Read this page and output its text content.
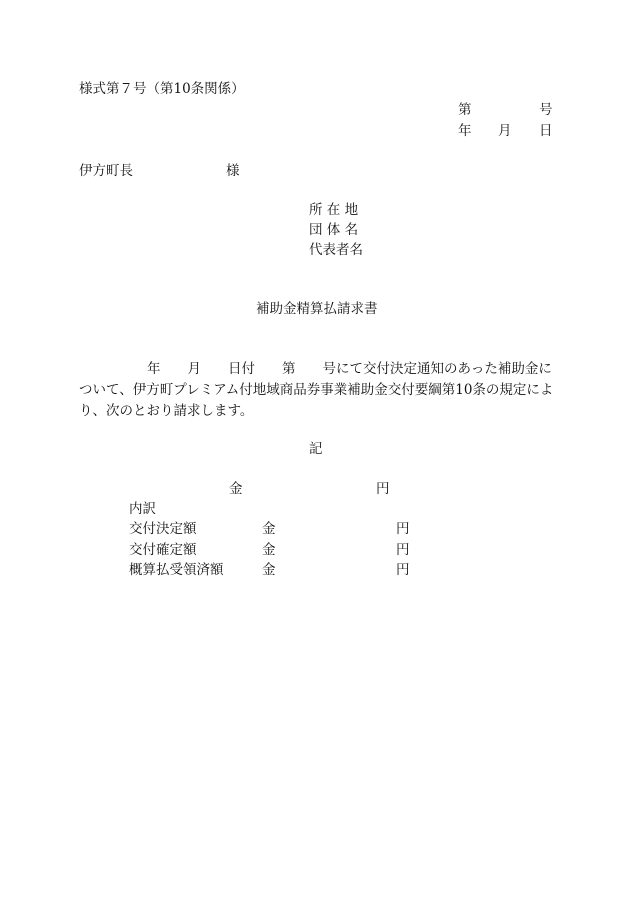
様式第７号（第10条関係）
第	号
年 月 日
伊方町長	様
所 在 地
団 体 名
代表者名
補助金精算払請求書
年 月 日付 第 号にて交付決定通知のあった補助金について、伊方町プレミアム付地域商品券事業補助金交付要綱第10条の規定により、次のとおり請求します。
記
金	円
内訳
交付決定額	金	円
交付確定額	金	円
概算払受領済額	金	円
